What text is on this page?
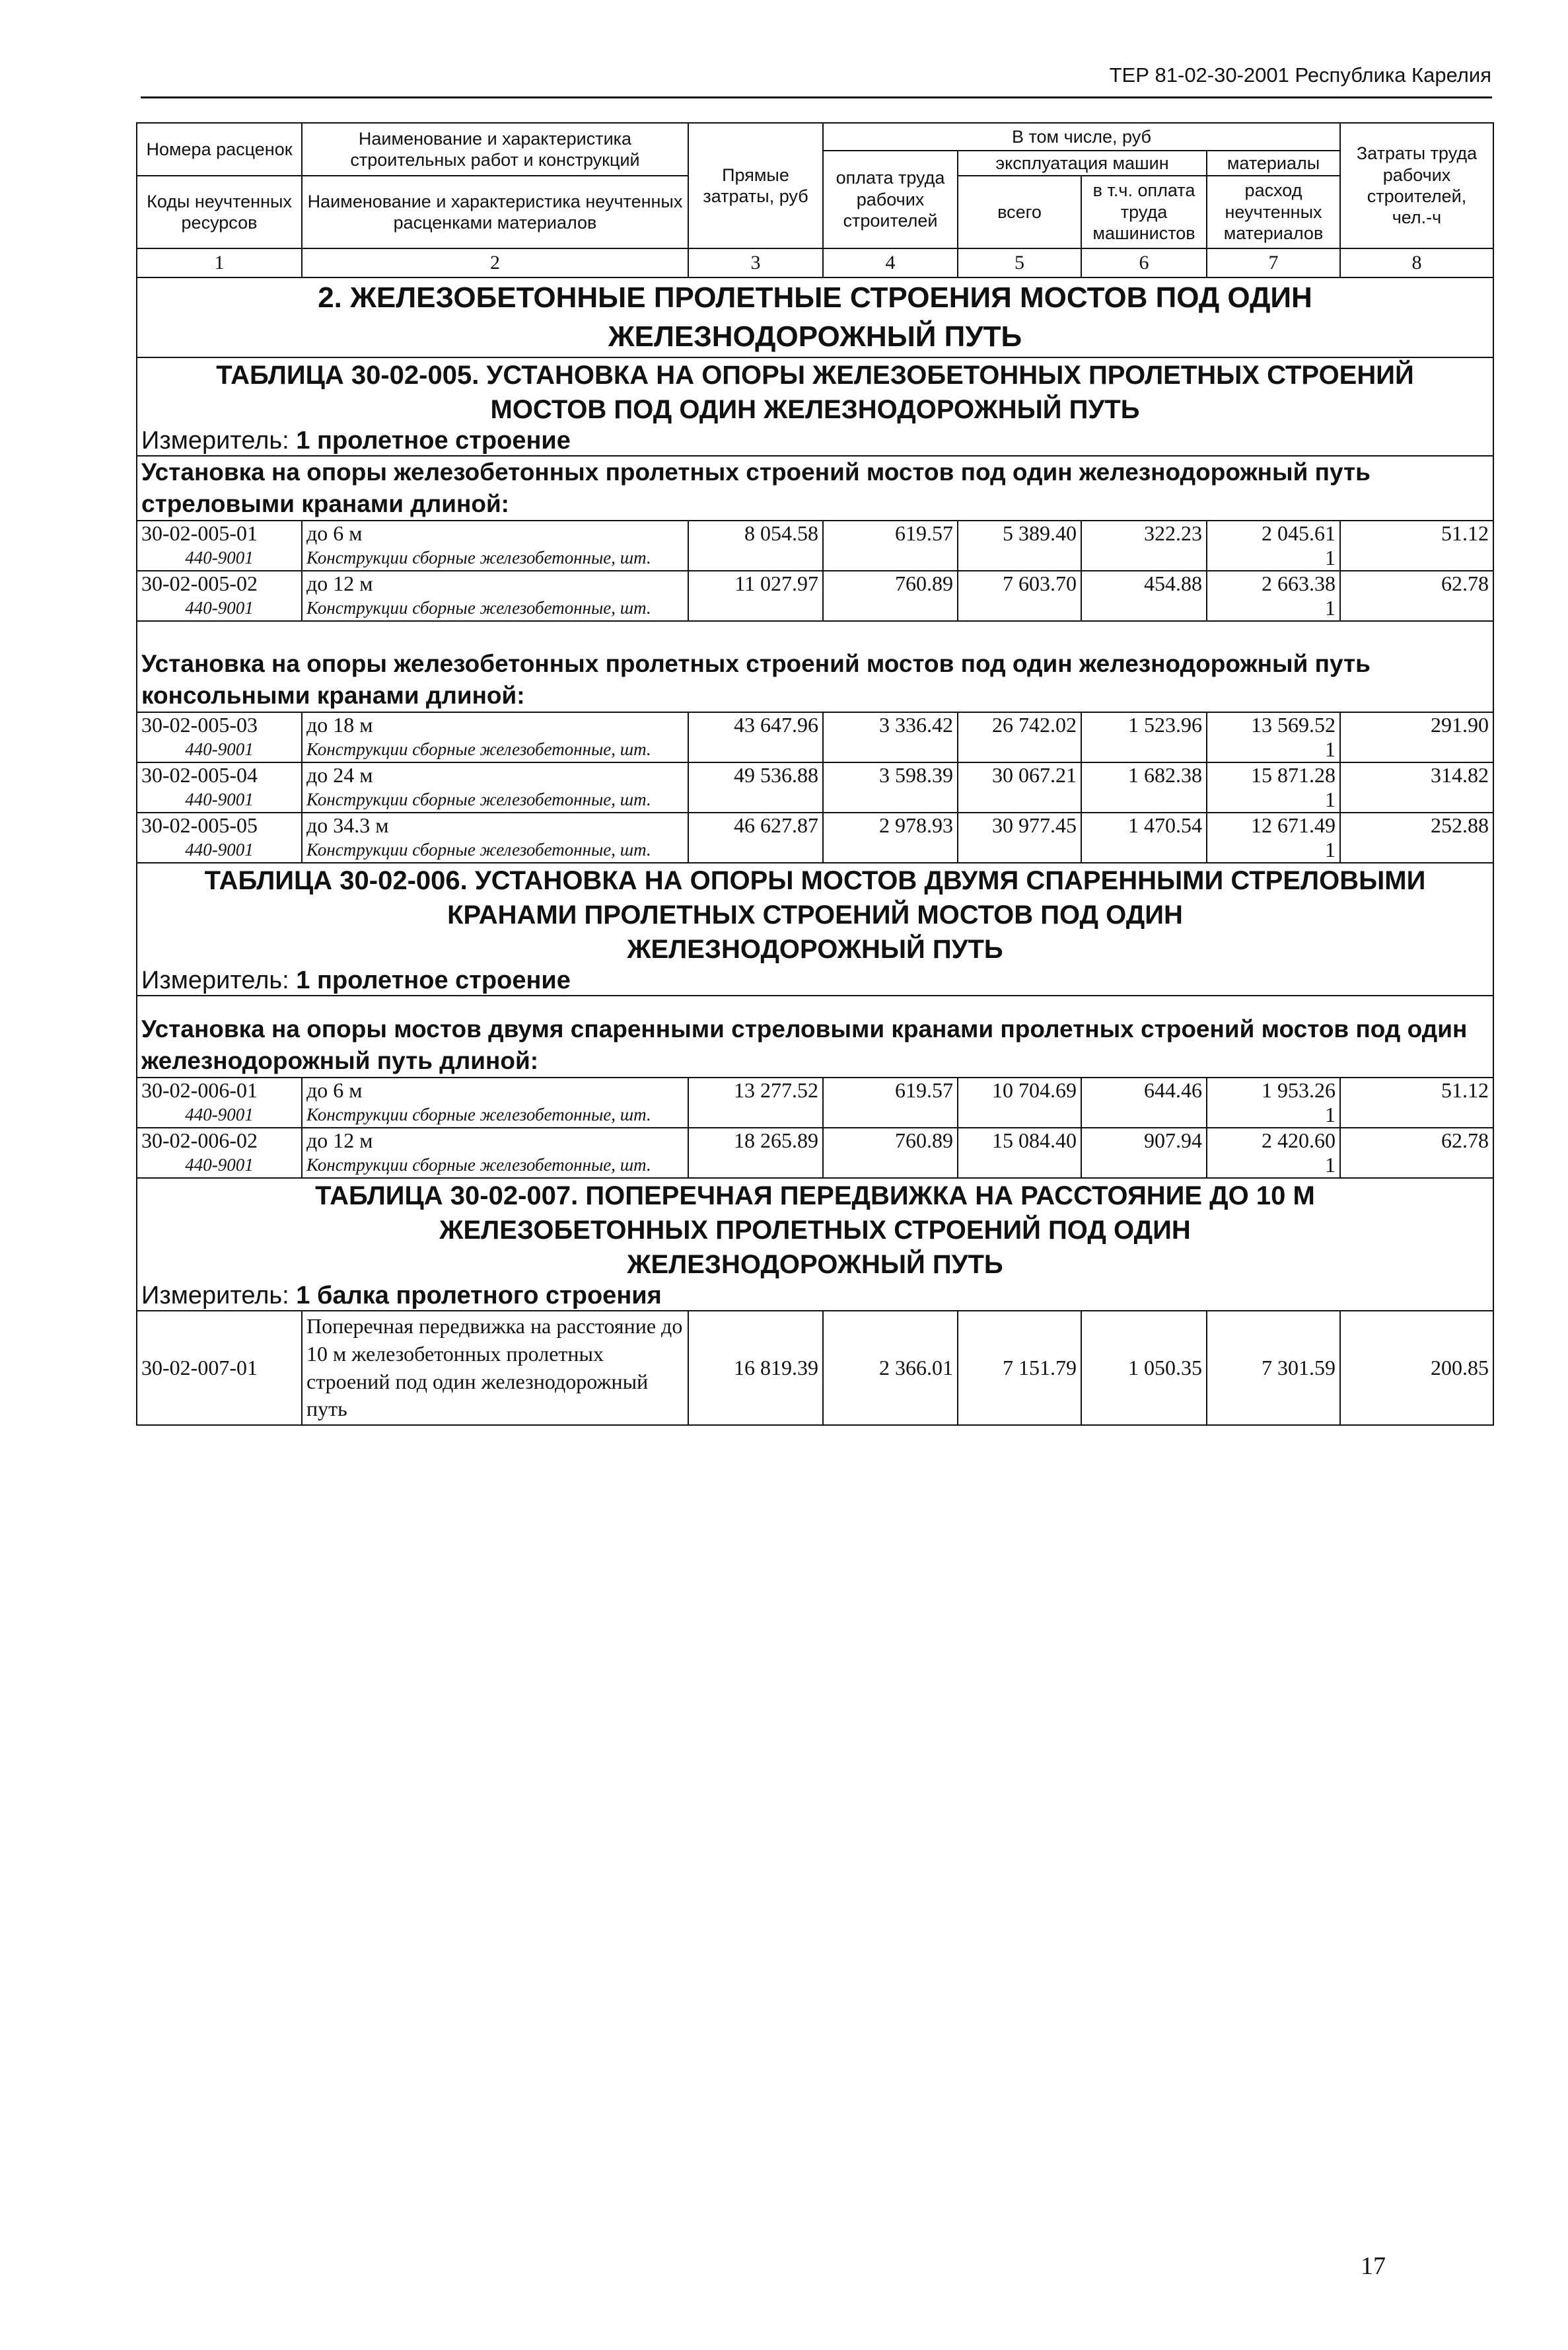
ТЕР 81-02-30-2001 Республика Карелия
Номера расценок	Наименование и характеристика строительных работ и конструкций	Прямые затраты, руб	В том числе, руб				Затраты труда рабочих строителей, чел.-ч
			оплата труда рабочих строителей	эксплуатация машин		материалы	
Коды неучтенных ресурсов	Наименование и характеристика неучтенных расценками материалов			всего	в т.ч. оплата труда машинистов	расход неучтенных материалов	

1	2	3	4	5	6	7	8
2. ЖЕЛЕЗОБЕТОННЫЕ ПРОЛЕТНЫЕ СТРОЕНИЯ МОСТОВ ПОД ОДИН
ЖЕЛЕЗНОДОРОЖНЫЙ ПУТЬ							

ТАБЛИЦА 30-02-005. УСТАНОВКА НА ОПОРЫ ЖЕЛЕЗОБЕТОННЫХ ПРОЛЕТНЫХ СТРОЕНИЙ
МОСТОВ ПОД ОДИН ЖЕЛЕЗНОДОРОЖНЫЙ ПУТЬ							

Измеритель: 1 пролетное строение							
Установка на опоры железобетонных пролетных строений мостов под один железнодорожный путь стреловыми кранами длиной:							
30-02-005-01	до 6 м	8 054.58	619.57	5 389.40	322.23	2 045.61	51.12
440-9001	Конструкции сборные железобетонные, шт.					1	
30-02-005-02	до 12 м	11 027.97	760.89	7 603.70	454.88	2 663.38	62.78
440-9001	Конструкции сборные железобетонные, шт.					1	
Установка на опоры железобетонных пролетных строений мостов под один железнодорожный путь консольными кранами длиной:							
30-02-005-03	до 18 м	43 647.96	3 336.42	26 742.02	1 523.96	13 569.52	291.90
440-9001	Конструкции сборные железобетонные, шт.					1	
30-02-005-04	до 24 м	49 536.88	3 598.39	30 067.21	1 682.38	15 871.28	314.82
440-9001	Конструкции сборные железобетонные, шт.					1	
30-02-005-05	до 34.3 м	46 627.87	2 978.93	30 977.45	1 470.54	12 671.49	252.88
440-9001	Конструкции сборные железобетонные, шт.					1	

ТАБЛИЦА 30-02-006. УСТАНОВКА НА ОПОРЫ МОСТОВ ДВУМЯ СПАРЕННЫМИ СТРЕЛОВЫМИ
КРАНАМИ ПРОЛЕТНЫХ СТРОЕНИЙ МОСТОВ ПОД ОДИН
ЖЕЛЕЗНОДОРОЖНЫЙ ПУТЬ							

Измеритель: 1 пролетное строение							
Установка на опоры мостов двумя спаренными стреловыми кранами пролетных строений мостов под один железнодорожный путь длиной:							
30-02-006-01	до 6 м	13 277.52	619.57	10 704.69	644.46	1 953.26	51.12
440-9001	Конструкции сборные железобетонные, шт.					1	
30-02-006-02	до 12 м	18 265.89	760.89	15 084.40	907.94	2 420.60	62.78
440-9001	Конструкции сборные железобетонные, шт.					1	

ТАБЛИЦА 30-02-007. ПОПЕРЕЧНАЯ ПЕРЕДВИЖКА НА РАССТОЯНИЕ ДО 10 М
ЖЕЛЕЗОБЕТОННЫХ ПРОЛЕТНЫХ СТРОЕНИЙ ПОД ОДИН
ЖЕЛЕЗНОДОРОЖНЫЙ ПУТЬ							

Измеритель: 1 балка пролетного строения							
30-02-007-01	Поперечная передвижка на расстояние до 10 м железобетонных пролетных строений под один железнодорожный путь	16 819.39	2 366.01	7 151.79	1 050.35	7 301.59	200.85
17
